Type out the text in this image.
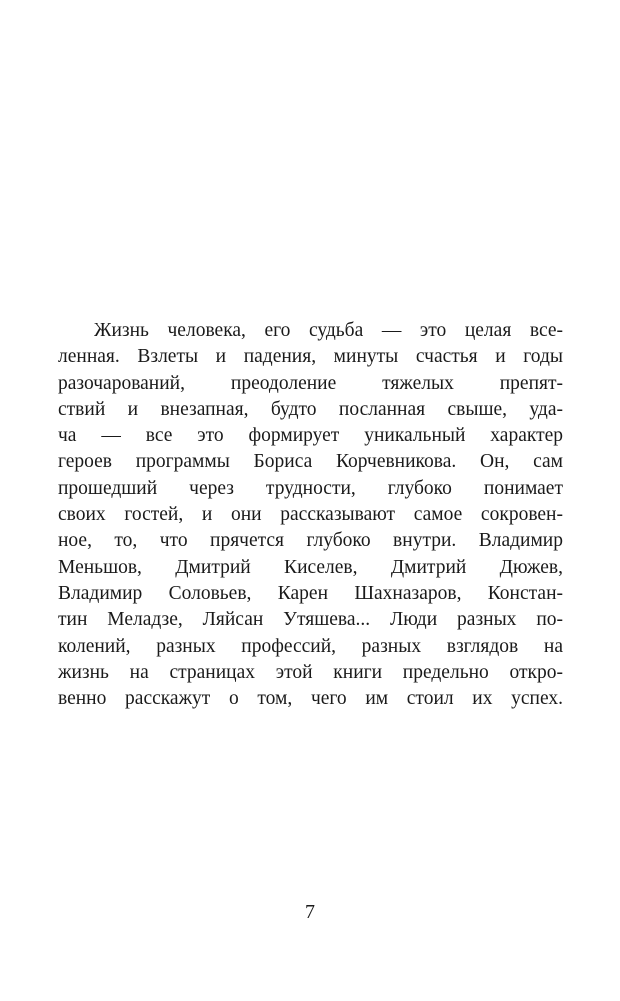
Жизнь человека, его судьба — это целая все-
ленная. Взлеты и падения, минуты счастья и годы
разочарований, преодоление тяжелых препят-
ствий и внезапная, будто посланная свыше, уда-
ча — все это формирует уникальный характер
героев программы Бориса Корчевникова. Он, сам
прошедший через трудности, глубоко понимает
своих гостей, и они рассказывают самое сокровен-
ное, то, что прячется глубоко внутри. Владимир
Меньшов, Дмитрий Киселев, Дмитрий Дюжев,
Владимир Соловьев, Карен Шахназаров, Констан-
тин Меладзе, Ляйсан Утяшева... Люди разных по-
колений, разных профессий, разных взглядов на
жизнь на страницах этой книги предельно откро-
венно расскажут о том, чего им стоил их успех.
7
